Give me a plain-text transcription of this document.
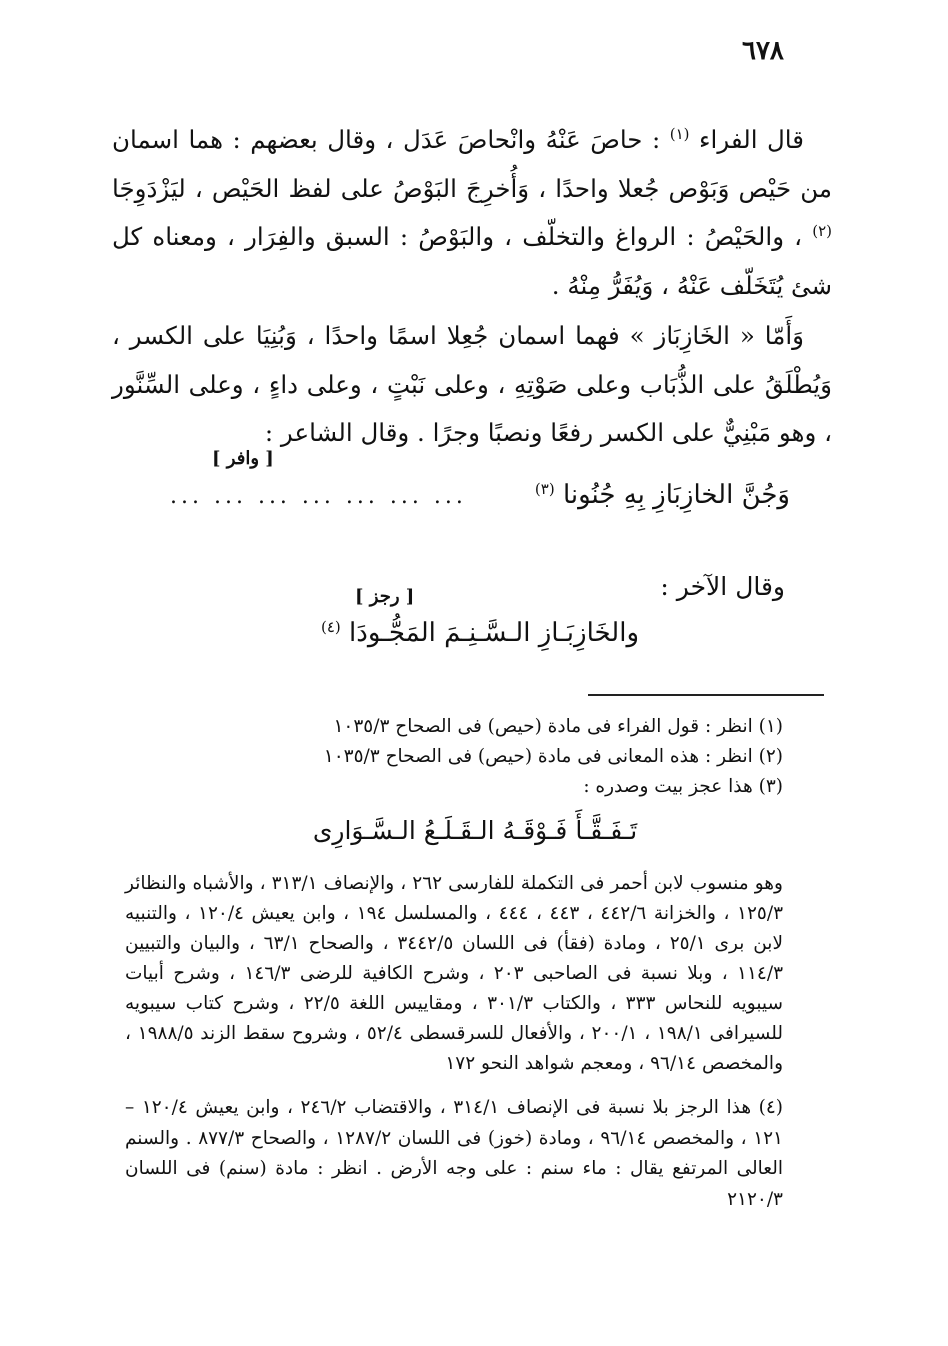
٦٧٨

قال الفراء $^{(١)}$ : حاصَ عَنْهُ وانْحاصَ عَدَل ، وقال بعضهم : هما اسمان من حَيْص وَبَوْص جُعلا واحدًا ، وَأُخرِجَ البَوْصُ على لفظ الحَيْص ، ليَزْدَوِجَا $^{(٢)}$ ، والحَيْصُ : الرواغ والتخلّف ، والبَوْصُ : السبق والفِرَار ، ومعناه كل شئ يُتَخَلّف عَنْهُ ، وَيُفَرُّ مِنْهُ .

وَأَمّا « الخَازِبَاز » فهما اسمان جُعِلا اسمًا واحدًا ، وَبُنِيَا على الكسر ، وَيُطْلَقُ على الذُّبَاب وعلى صَوْتِهِ ، وعلى نَبْتٍ ، وعلى داءٍ ، وعلى السِّنَّور ، وهو مَبْنِيٌّ على الكسر رفعًا ونصبًا وجرًا . وقال الشاعر :

[ وافر ]
وَجُنَّ الخازِبَازِ بِهِ جُنُونا $^{(٣)}$
... ... ... ... ... ... ...
وقال الآخر :
[ رجز ]
والخَازِبَـازِ الـسَّـنِـمَ المَجُّـودَا $^{(٤)}$

(١) انظر : قول الفراء فى مادة (حيص) فى الصحاح ١٠٣٥/٣

(٢) انظر : هذه المعانى فى مادة (حيص) فى الصحاح ١٠٣٥/٣

(٣) هذا عجز بيت وصدره :

تَـفَـقَّـأَ فَـوْقَـهُ الـقَـلَـعُ الـسَّـوَارِى

وهو منسوب لابن أحمر فى التكملة للفارسى ٢٦٢ ، والإنصاف ٣١٣/١ ، والأشباه والنظائر ١٢٥/٣ ، والخزانة ٤٤٢/٦ ، ٤٤٣ ، ٤٤٤ ، والمسلسل ١٩٤ ، وابن يعيش ١٢٠/٤ ، والتنبيه لابن برى ٢٥/١ ، ومادة (فقأ) فى اللسان ٣٤٤٢/٥ ، والصحاح ٦٣/١ ، والبيان والتبيين ١١٤/٣ ، وبلا نسبة فى الصاحبى ٢٠٣ ، وشرح الكافية للرضى ١٤٦/٣ ، وشرح أبيات سيبويه للنحاس ٣٣٣ ، والكتاب ٣٠١/٣ ، ومقاييس اللغة ٢٢/٥ ، وشرح كتاب سيبويه للسيرافى ١٩٨/١ ، ٢٠٠/١ ، والأفعال للسرقسطى ٥٢/٤ ، وشروح سقط الزند ١٩٨٨/٥ ، والمخصص ٩٦/١٤ ، ومعجم شواهد النحو ١٧٢

(٤) هذا الرجز بلا نسبة فى الإنصاف ٣١٤/١ ، والاقتضاب ٢٤٦/٢ ، وابن يعيش ١٢٠/٤ – ١٢١ ، والمخصص ٩٦/١٤ ، ومادة (خوز) فى اللسان ١٢٨٧/٢ ، والصحاح ٨٧٧/٣ . والسنم العالى المرتفع يقال : ماء سنم : على وجه الأرض . انظر : مادة (سنم) فى اللسان ٢١٢٠/٣
